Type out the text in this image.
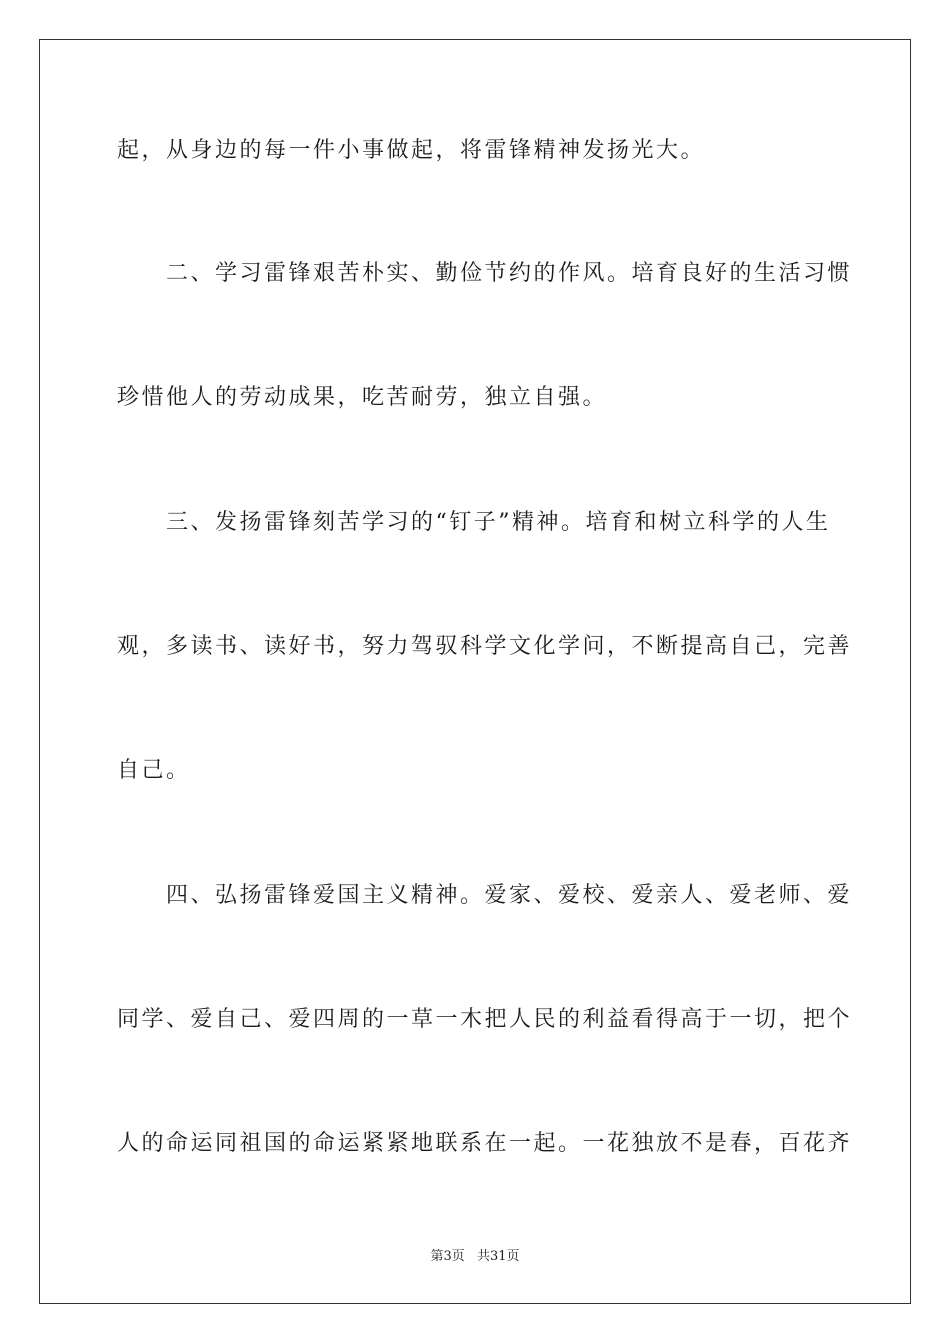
起，从身边的每一件小事做起，将雷锋精神发扬光大。
　　二、学习雷锋艰苦朴实、勤俭节约的作风。培育良好的生活习惯
珍惜他人的劳动成果，吃苦耐劳，独立自强。
　　三、发扬雷锋刻苦学习的“钉子”精神。培育和树立科学的人生
观，多读书、读好书，努力驾驭科学文化学问，不断提高自己，完善
自己。
　　四、弘扬雷锋爱国主义精神。爱家、爱校、爱亲人、爱老师、爱
同学、爱自己、爱四周的一草一木把人民的利益看得高于一切，把个
人的命运同祖国的命运紧紧地联系在一起。一花独放不是春，百花齐
第3页 共31页
